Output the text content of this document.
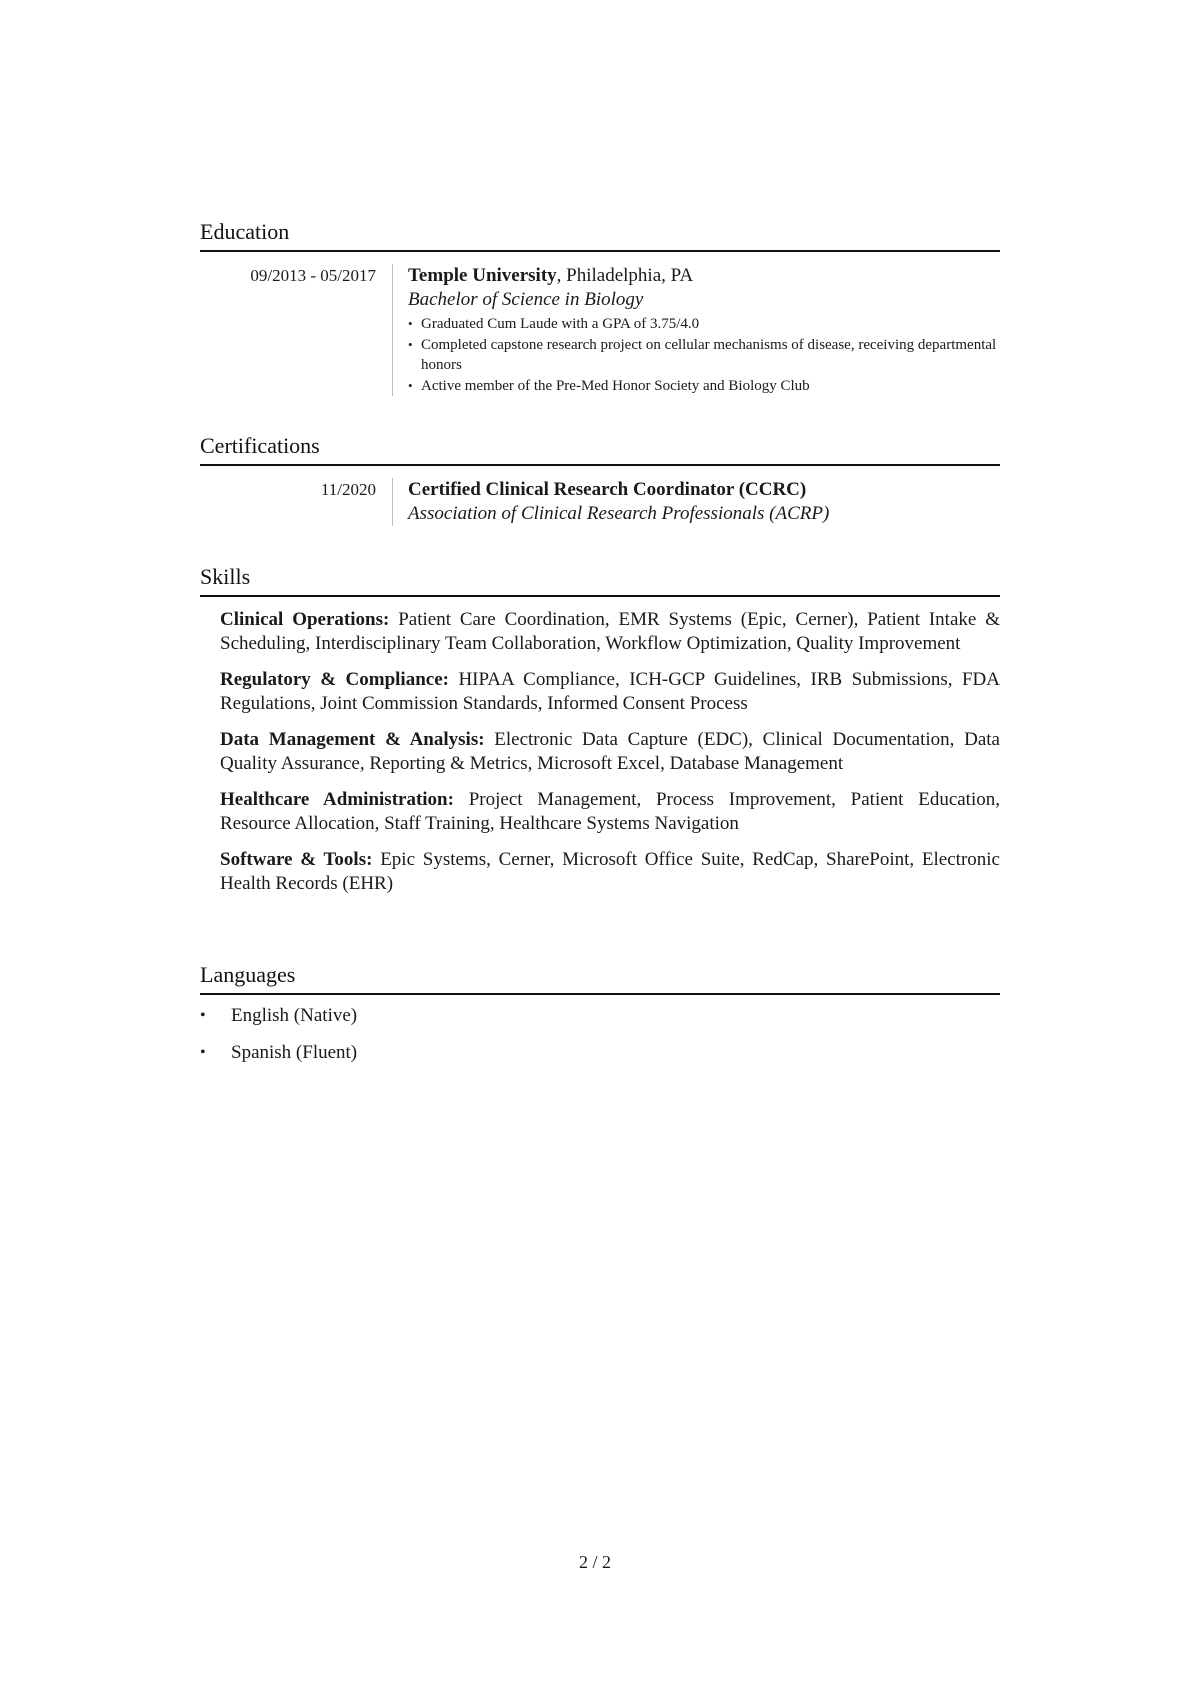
Education
09/2013 - 05/2017 Temple University, Philadelphia, PA
Bachelor of Science in Biology
• Graduated Cum Laude with a GPA of 3.75/4.0
• Completed capstone research project on cellular mechanisms of disease, receiving departmental honors
• Active member of the Pre-Med Honor Society and Biology Club
Certifications
11/2020 Certified Clinical Research Coordinator (CCRC)
Association of Clinical Research Professionals (ACRP)
Skills

Clinical Operations: Patient Care Coordination, EMR Systems (Epic, Cerner), Patient Intake & Scheduling, Interdisciplinary Team Collaboration, Workflow Optimization, Quality Improvement

Regulatory & Compliance: HIPAA Compliance, ICH-GCP Guidelines, IRB Submissions, FDA Regulations, Joint Commission Standards, Informed Consent Process

Data Management & Analysis: Electronic Data Capture (EDC), Clinical Documentation, Data Quality Assurance, Reporting & Metrics, Microsoft Excel, Database Management

Healthcare Administration: Project Management, Process Improvement, Patient Education, Resource Allocation, Staff Training, Healthcare Systems Navigation

Software & Tools: Epic Systems, Cerner, Microsoft Office Suite, RedCap, SharePoint, Electronic Health Records (EHR)

Languages
• English (Native)
• Spanish (Fluent)
2 / 2
